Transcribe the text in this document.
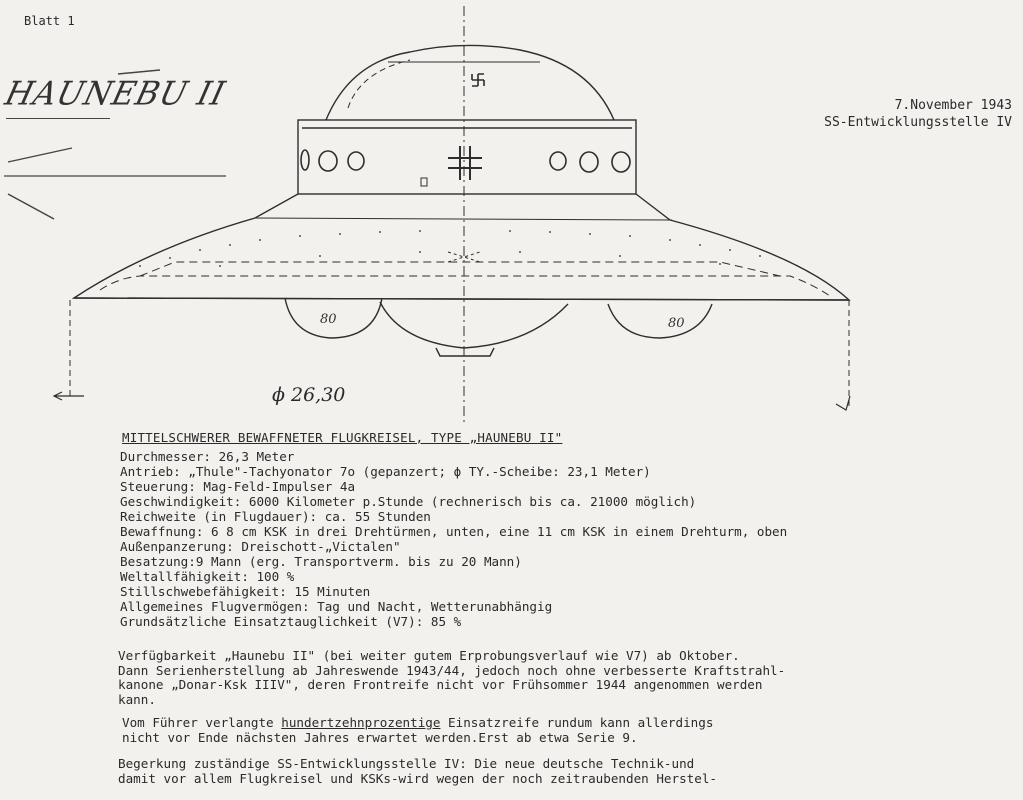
Blatt 1
HAUNEBU II	7.November 1943
SS-Entwicklungsstelle IV
80	80
ϕ 26,30
MITTELSCHWERER BEWAFFNETER FLUGKREISEL, TYPE „HAUNEBU II"
Durchmesser: 26,3 Meter
Antrieb: „Thule"-Tachyonator 7o (gepanzert; ϕ TY.-Scheibe: 23,1 Meter)
Steuerung: Mag-Feld-Impulser 4a
Geschwindigkeit: 6000 Kilometer p.Stunde (rechnerisch bis ca. 21000 möglich)
Reichweite (in Flugdauer): ca. 55 Stunden
Bewaffnung: 6 8 cm KSK in drei Drehtürmen, unten, eine 11 cm KSK in einem Drehturm, oben
Außenpanzerung: Dreischott-„Victalen"
Besatzung:9 Mann (erg. Transportverm. bis zu 20 Mann)
Weltallfähigkeit: 100 %
Stillschwebefähigkeit: 15 Minuten
Allgemeines Flugvermögen: Tag und Nacht, Wetterunabhängig
Grundsätzliche Einsatztauglichkeit (V7): 85 %
Verfügbarkeit „Haunebu II" (bei weiter gutem Erprobungsverlauf wie V7) ab Oktober.
Dann Serienherstellung ab Jahreswende 1943/44, jedoch noch ohne verbesserte Kraftstrahl-
kanone „Donar-Ksk IIIV", deren Frontreife nicht vor Frühsommer 1944 angenommen werden
kann.
Vom Führer verlangte hundertzehnprozentige Einsatzreife rundum kann allerdings
nicht vor Ende nächsten Jahres erwartet werden.Erst ab etwa Serie 9.
Begerkung zuständige SS-Entwicklungsstelle IV: Die neue deutsche Technik-und
damit vor allem Flugkreisel und KSKs-wird wegen der noch zeitraubenden Herstel-
